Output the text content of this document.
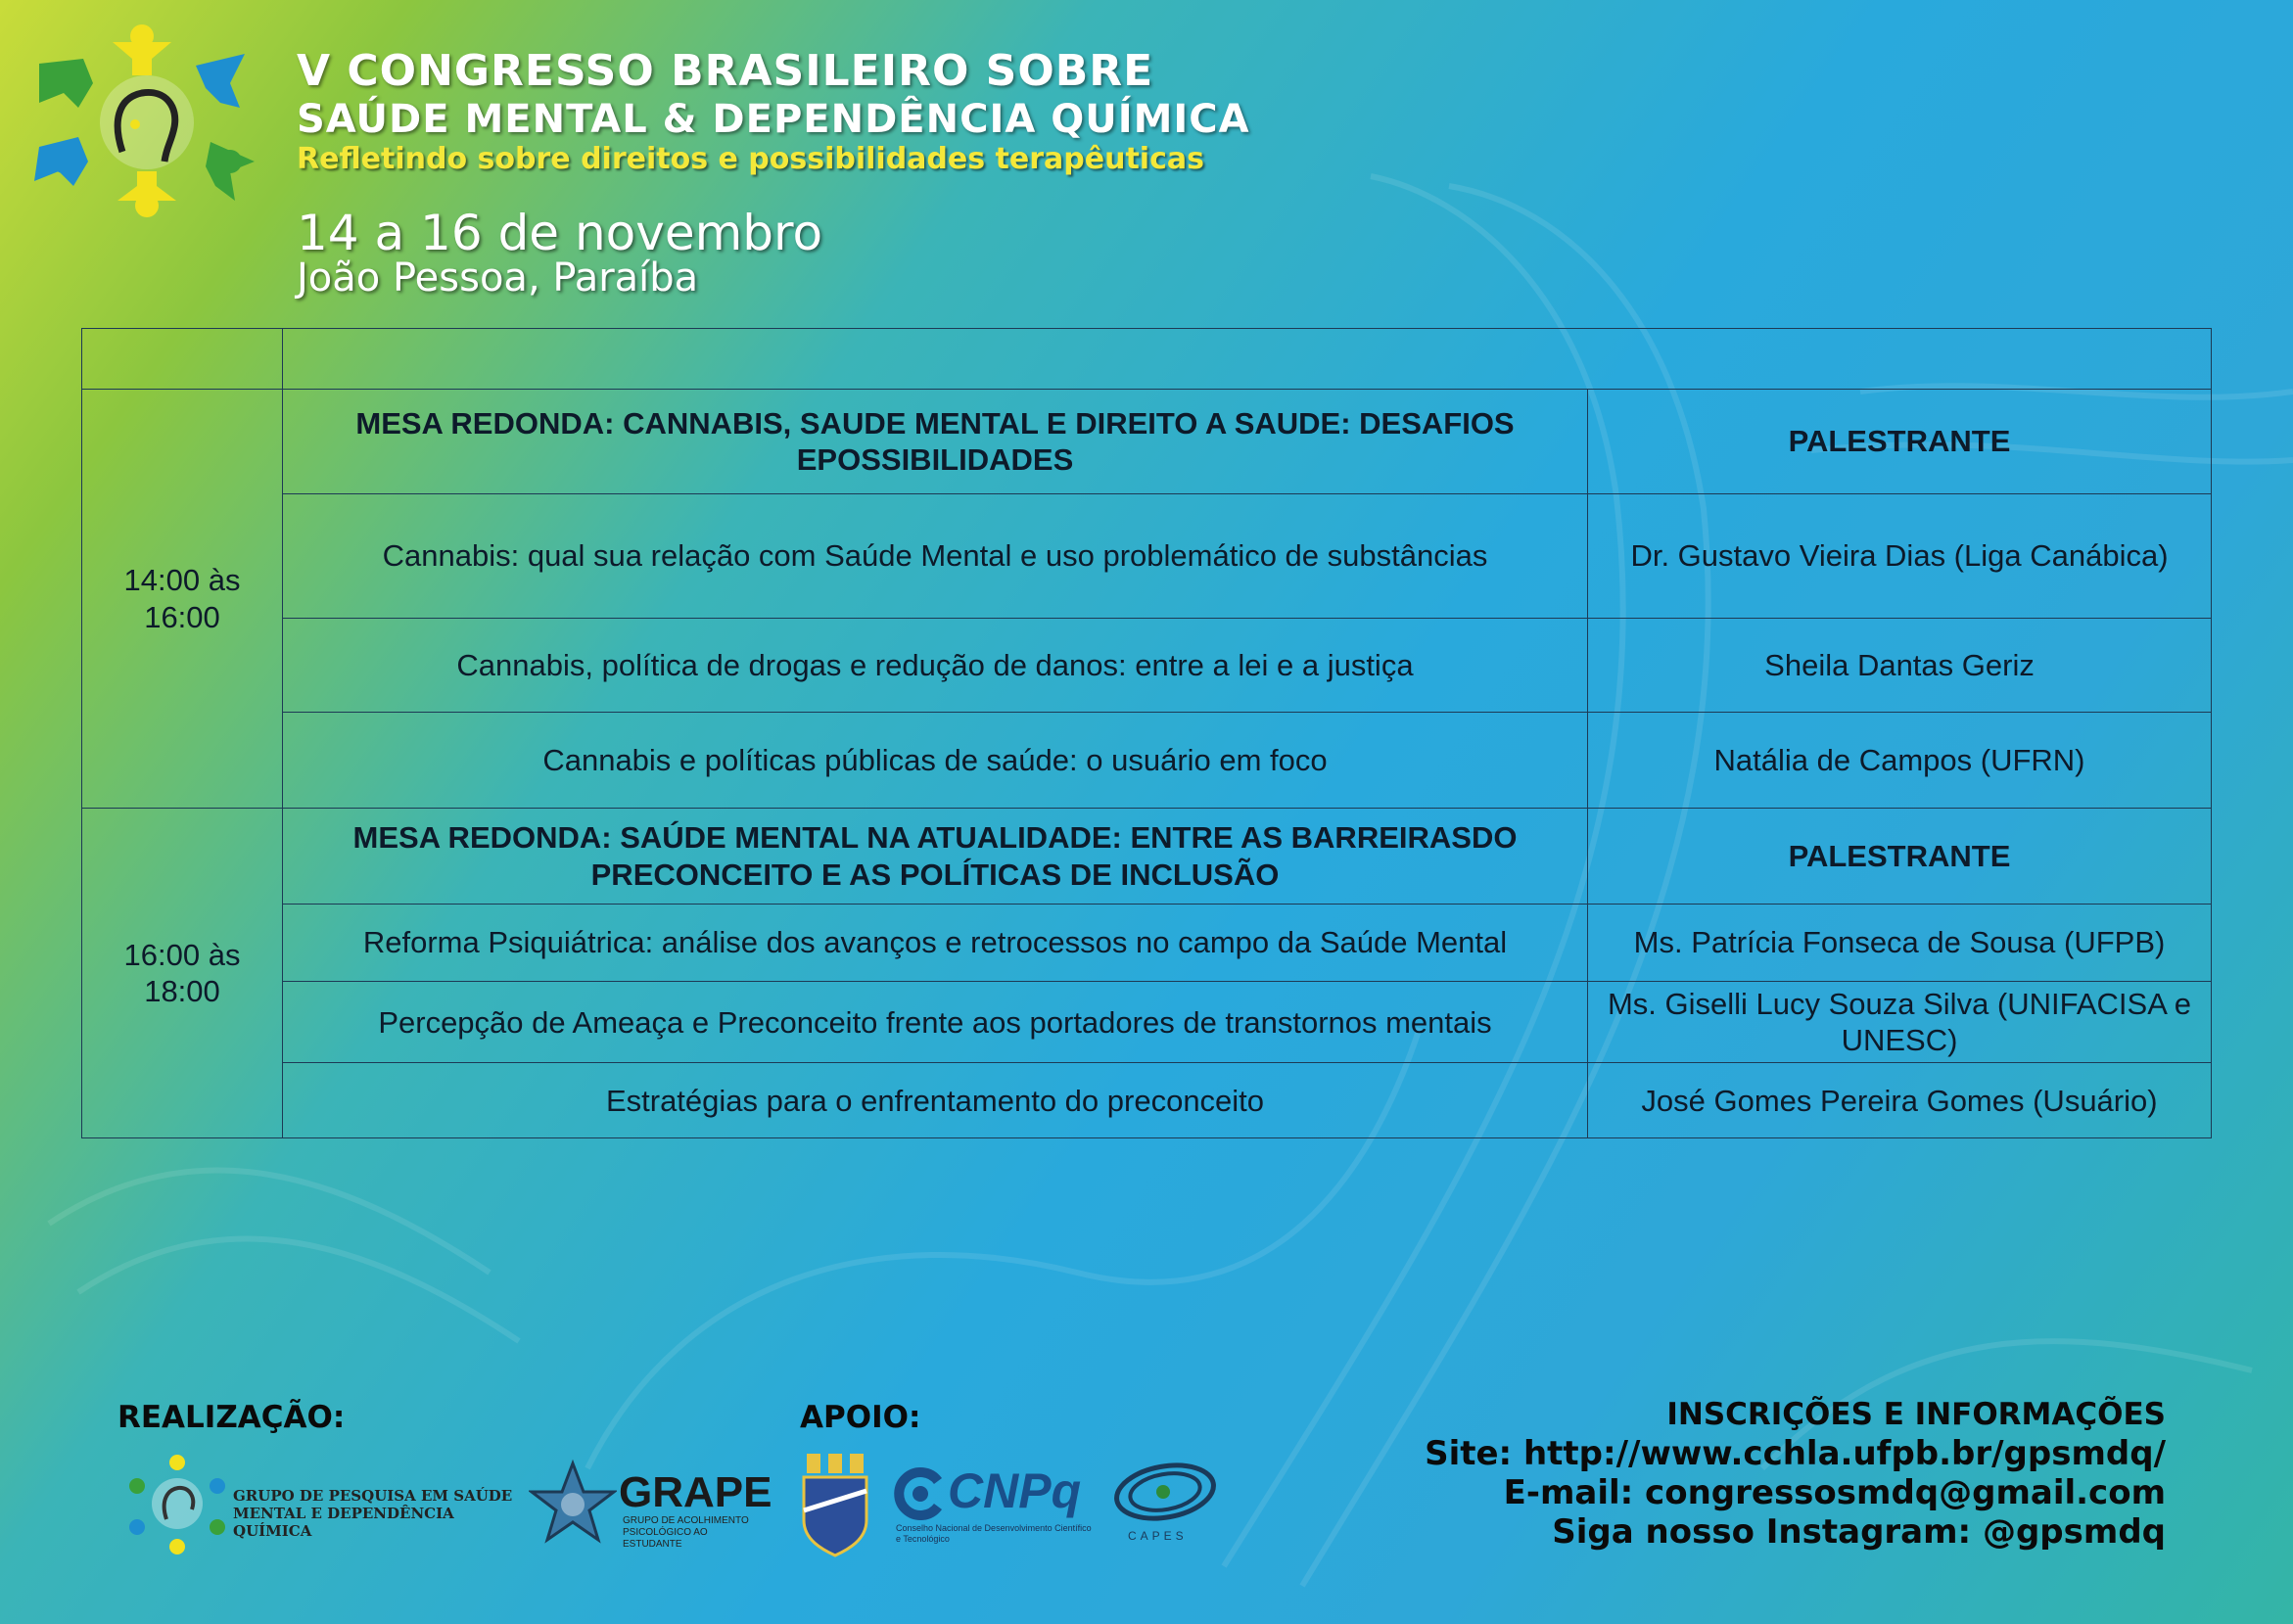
V CONGRESSO BRASILEIRO SOBRE
SAÚDE MENTAL & DEPENDÊNCIA QUÍMICA
Refletindo sobre direitos e possibilidades terapêuticas
14 a 16 de novembro
João Pessoa, Paraíba

14:00 às 16:00	MESA REDONDA: CANNABIS, SAUDE MENTAL E DIREITO A SAUDE: DESAFIOS EPOSSIBILIDADES	PALESTRANTE
	Cannabis: qual sua relação com Saúde Mental e uso problemático de substâncias	Dr. Gustavo Vieira Dias (Liga Canábica)
	Cannabis, política de drogas e redução de danos: entre a lei e a justiça	Sheila Dantas Geriz
	Cannabis e políticas públicas de saúde: o usuário em foco	Natália de Campos (UFRN)
16:00 às 18:00	MESA REDONDA: SAÚDE MENTAL NA ATUALIDADE: ENTRE AS BARREIRASDO PRECONCEITO E AS POLÍTICAS DE INCLUSÃO	PALESTRANTE
	Reforma Psiquiátrica: análise dos avanços e retrocessos no campo da Saúde Mental	Ms. Patrícia Fonseca de Sousa (UFPB)
	Percepção de Ameaça e Preconceito frente aos portadores de transtornos mentais	Ms. Giselli Lucy Souza Silva (UNIFACISA e UNESC)
	Estratégias para o enfrentamento do preconceito	José Gomes Pereira Gomes (Usuário)
REALIZAÇÃO:	APOIO:
GRUPO DE PESQUISA EM SAÚDE MENTAL E DEPENDÊNCIA QUÍMICA
GRAPE
GRUPO DE ACOLHIMENTO PSICOLÓGICO AO ESTUDANTE
CNPq
Conselho Nacional de Desenvolvimento Científico e Tecnológico	CAPES
INSCRIÇÕES E INFORMAÇÕES
Site: http://www.cchla.ufpb.br/gpsmdq/
E-mail: congressosmdq@gmail.com
Siga nosso Instagram: @gpsmdq
